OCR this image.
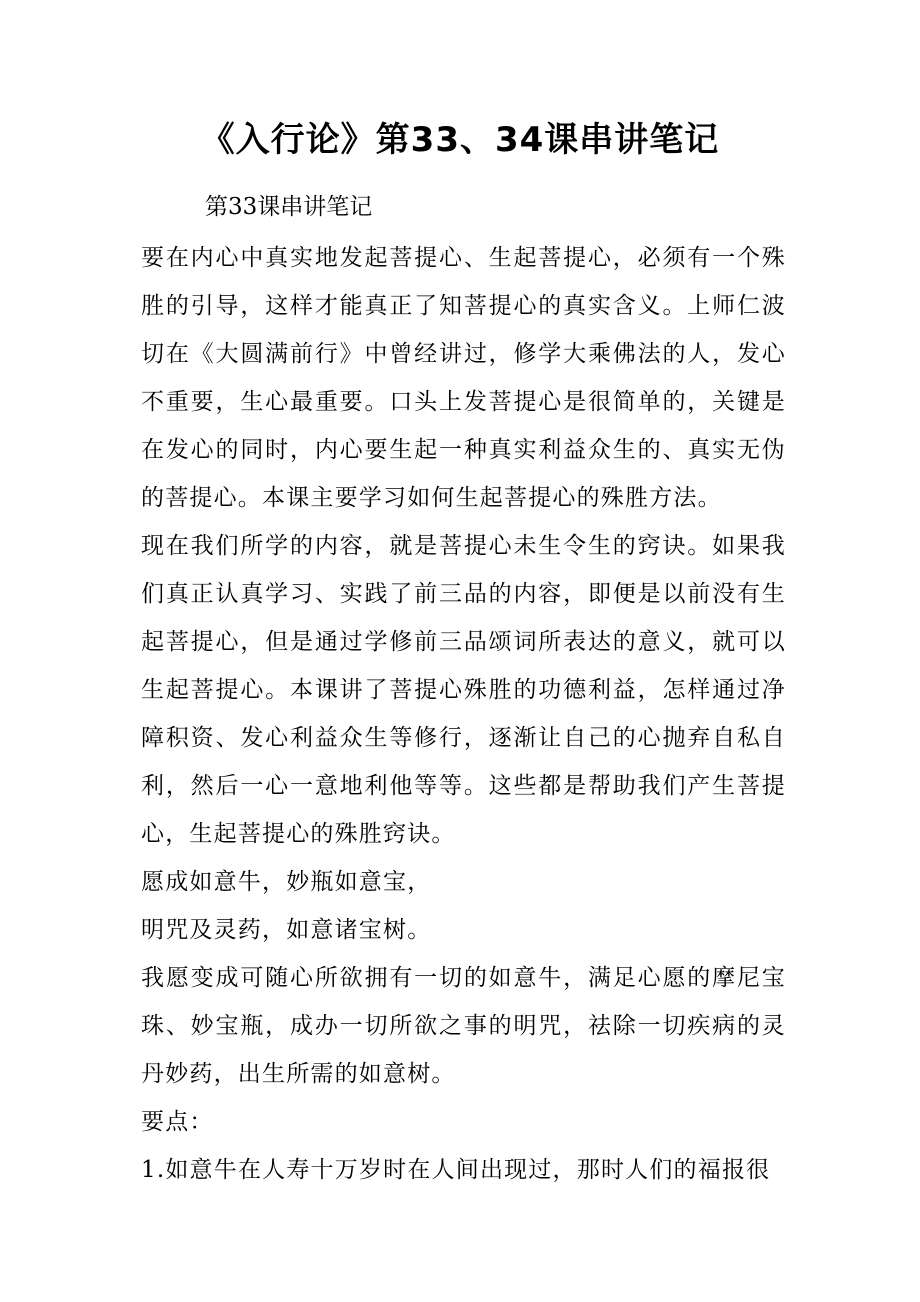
《入行论》第33、34课串讲笔记
第33课串讲笔记

要在内心中真实地发起菩提心、生起菩提心，必须有一个殊胜的引导，这样才能真正了知菩提心的真实含义。上师仁波切在《大圆满前行》中曾经讲过，修学大乘佛法的人，发心不重要，生心最重要。口头上发菩提心是很简单的，关键是在发心的同时，内心要生起一种真实利益众生的、真实无伪的菩提心。本课主要学习如何生起菩提心的殊胜方法。

现在我们所学的内容，就是菩提心未生令生的窍诀。如果我们真正认真学习、实践了前三品的内容，即便是以前没有生起菩提心，但是通过学修前三品颂词所表达的意义，就可以生起菩提心。本课讲了菩提心殊胜的功德利益，怎样通过净障积资、发心利益众生等修行，逐渐让自己的心抛弃自私自利，然后一心一意地利他等等。这些都是帮助我们产生菩提心，生起菩提心的殊胜窍诀。

愿成如意牛，妙瓶如意宝，

明咒及灵药，如意诸宝树。

我愿变成可随心所欲拥有一切的如意牛，满足心愿的摩尼宝珠、妙宝瓶，成办一切所欲之事的明咒，祛除一切疾病的灵丹妙药，出生所需的如意树。

要点：

1.如意牛在人寿十万岁时在人间出现过，那时人们的福报很
